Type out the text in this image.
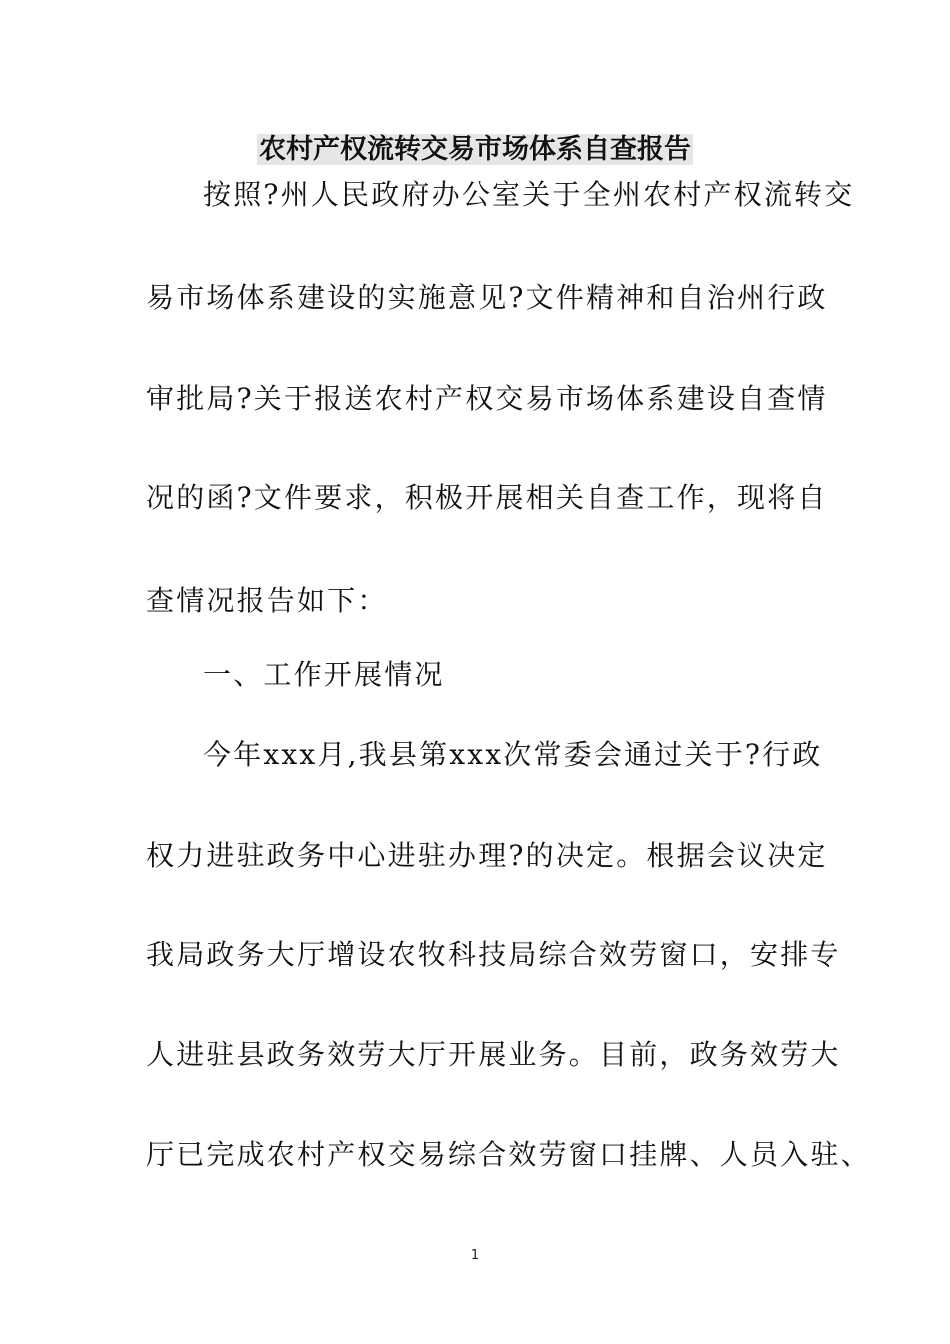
农村产权流转交易市场体系自查报告
按照?州人民政府办公室关于全州农村产权流转交
易市场体系建设的实施意见?文件精神和自治州行政
审批局?关于报送农村产权交易市场体系建设自查情
况的函?文件要求，积极开展相关自查工作，现将自
查情况报告如下：
一、工作开展情况
今年xxx月,我县第xxx次常委会通过关于?行政
权力进驻政务中心进驻办理?的决定。根据会议决定
我局政务大厅增设农牧科技局综合效劳窗口，安排专
人进驻县政务效劳大厅开展业务。目前，政务效劳大
厅已完成农村产权交易综合效劳窗口挂牌、人员入驻、
1
